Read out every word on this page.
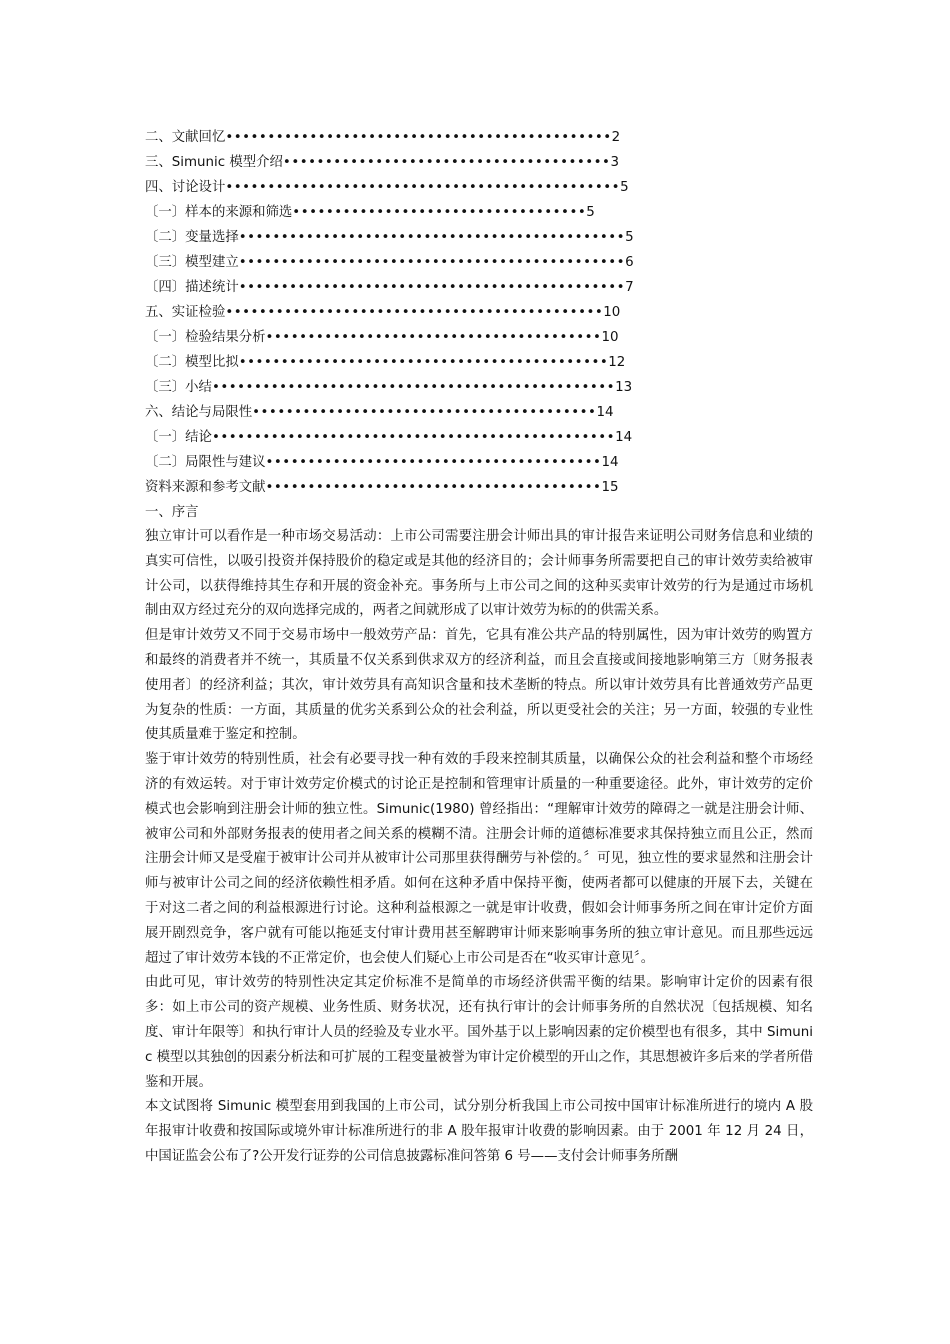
二、文献回忆 •••••••••••••••••••••••••••••••••••••••••••••• 2
三、Simunic 模型介绍 ••••••••••••••••••••••••••••••••••••••• 3
四、讨论设计 ••••••••••••••••••••••••••••••••••••••••••••••• 5
〔一〕样本的来源和筛选 ••••••••••••••••••••••••••••••••••• 5
〔二〕变量选择 •••••••••••••••••••••••••••••••••••••••••••••• 5
〔三〕模型建立 •••••••••••••••••••••••••••••••••••••••••••••• 6
〔四〕描述统计 •••••••••••••••••••••••••••••••••••••••••••••• 7
五、实证检验 ••••••••••••••••••••••••••••••••••••••••••••• 10
〔一〕检验结果分析 •••••••••••••••••••••••••••••••••••••••• 10
〔二〕模型比拟 •••••••••••••••••••••••••••••••••••••••••••• 12
〔三〕小结 •••••••••••••••••••••••••••••••••••••••••••••••• 13
六、结论与局限性 ••••••••••••••••••••••••••••••••••••••••• 14
〔一〕结论 •••••••••••••••••••••••••••••••••••••••••••••••• 14
〔二〕局限性与建议 •••••••••••••••••••••••••••••••••••••••• 14
资料来源和参考文献 •••••••••••••••••••••••••••••••••••••••• 15
一、序言

独立审计可以看作是一种市场交易活动：上市公司需要注册会计师出具的审计报告来证明公司财务信息和业绩的真实可信性，以吸引投资并保持股价的稳定或是其他的经济目的；会计师事务所需要把自己的审计效劳卖给被审计公司，以获得维持其生存和开展的资金补充。事务所与上市公司之间的这种买卖审计效劳的行为是通过市场机制由双方经过充分的双向选择完成的，两者之间就形成了以审计效劳为标的的供需关系。

但是审计效劳又不同于交易市场中一般效劳产品：首先，它具有准公共产品的特别属性，因为审计效劳的购置方和最终的消费者并不统一，其质量不仅关系到供求双方的经济利益，而且会直接或间接地影响第三方〔财务报表使用者〕的经济利益；其次，审计效劳具有高知识含量和技术垄断的特点。所以审计效劳具有比普通效劳产品更为复杂的性质：一方面，其质量的优劣关系到公众的社会利益，所以更受社会的关注；另一方面，较强的专业性使其质量难于鉴定和控制。

鉴于审计效劳的特别性质，社会有必要寻找一种有效的手段来控制其质量，以确保公众的社会利益和整个市场经济的有效运转。对于审计效劳定价模式的讨论正是控制和管理审计质量的一种重要途径。此外，审计效劳的定价模式也会影响到注册会计师的独立性。Simunic(1980) 曾经指出：“理解审计效劳的障碍之一就是注册会计师、被审公司和外部财务报表的使用者之间关系的模糊不清。注册会计师的道德标准要求其保持独立而且公正，然而注册会计师又是受雇于被审计公司并从被审计公司那里获得酬劳与补偿的。〞可见，独立性的要求显然和注册会计师与被审计公司之间的经济依赖性相矛盾。如何在这种矛盾中保持平衡，使两者都可以健康的开展下去，关键在于对这二者之间的利益根源进行讨论。这种利益根源之一就是审计收费，假如会计师事务所之间在审计定价方面展开剧烈竞争，客户就有可能以拖延支付审计费用甚至解聘审计师来影响事务所的独立审计意见。而且那些远远超过了审计效劳本钱的不正常定价，也会使人们疑心上市公司是否在“收买审计意见〞。

由此可见，审计效劳的特别性决定其定价标准不是简单的市场经济供需平衡的结果。影响审计定价的因素有很多：如上市公司的资产规模、业务性质、财务状况，还有执行审计的会计师事务所的自然状况〔包括规模、知名度、审计年限等〕和执行审计人员的经验及专业水平。国外基于以上影响因素的定价模型也有很多，其中 Simunic 模型以其独创的因素分析法和可扩展的工程变量被誉为审计定价模型的开山之作，其思想被许多后来的学者所借鉴和开展。

本文试图将 Simunic 模型套用到我国的上市公司，试分别分析我国上市公司按中国审计标准所进行的境内 A 股年报审计收费和按国际或境外审计标准所进行的非 A 股年报审计收费的影响因素。由于 2001 年 12 月 24 日，中国证监会公布了?公开发行证券的公司信息披露标准问答第 6 号——支付会计师事务所酬
